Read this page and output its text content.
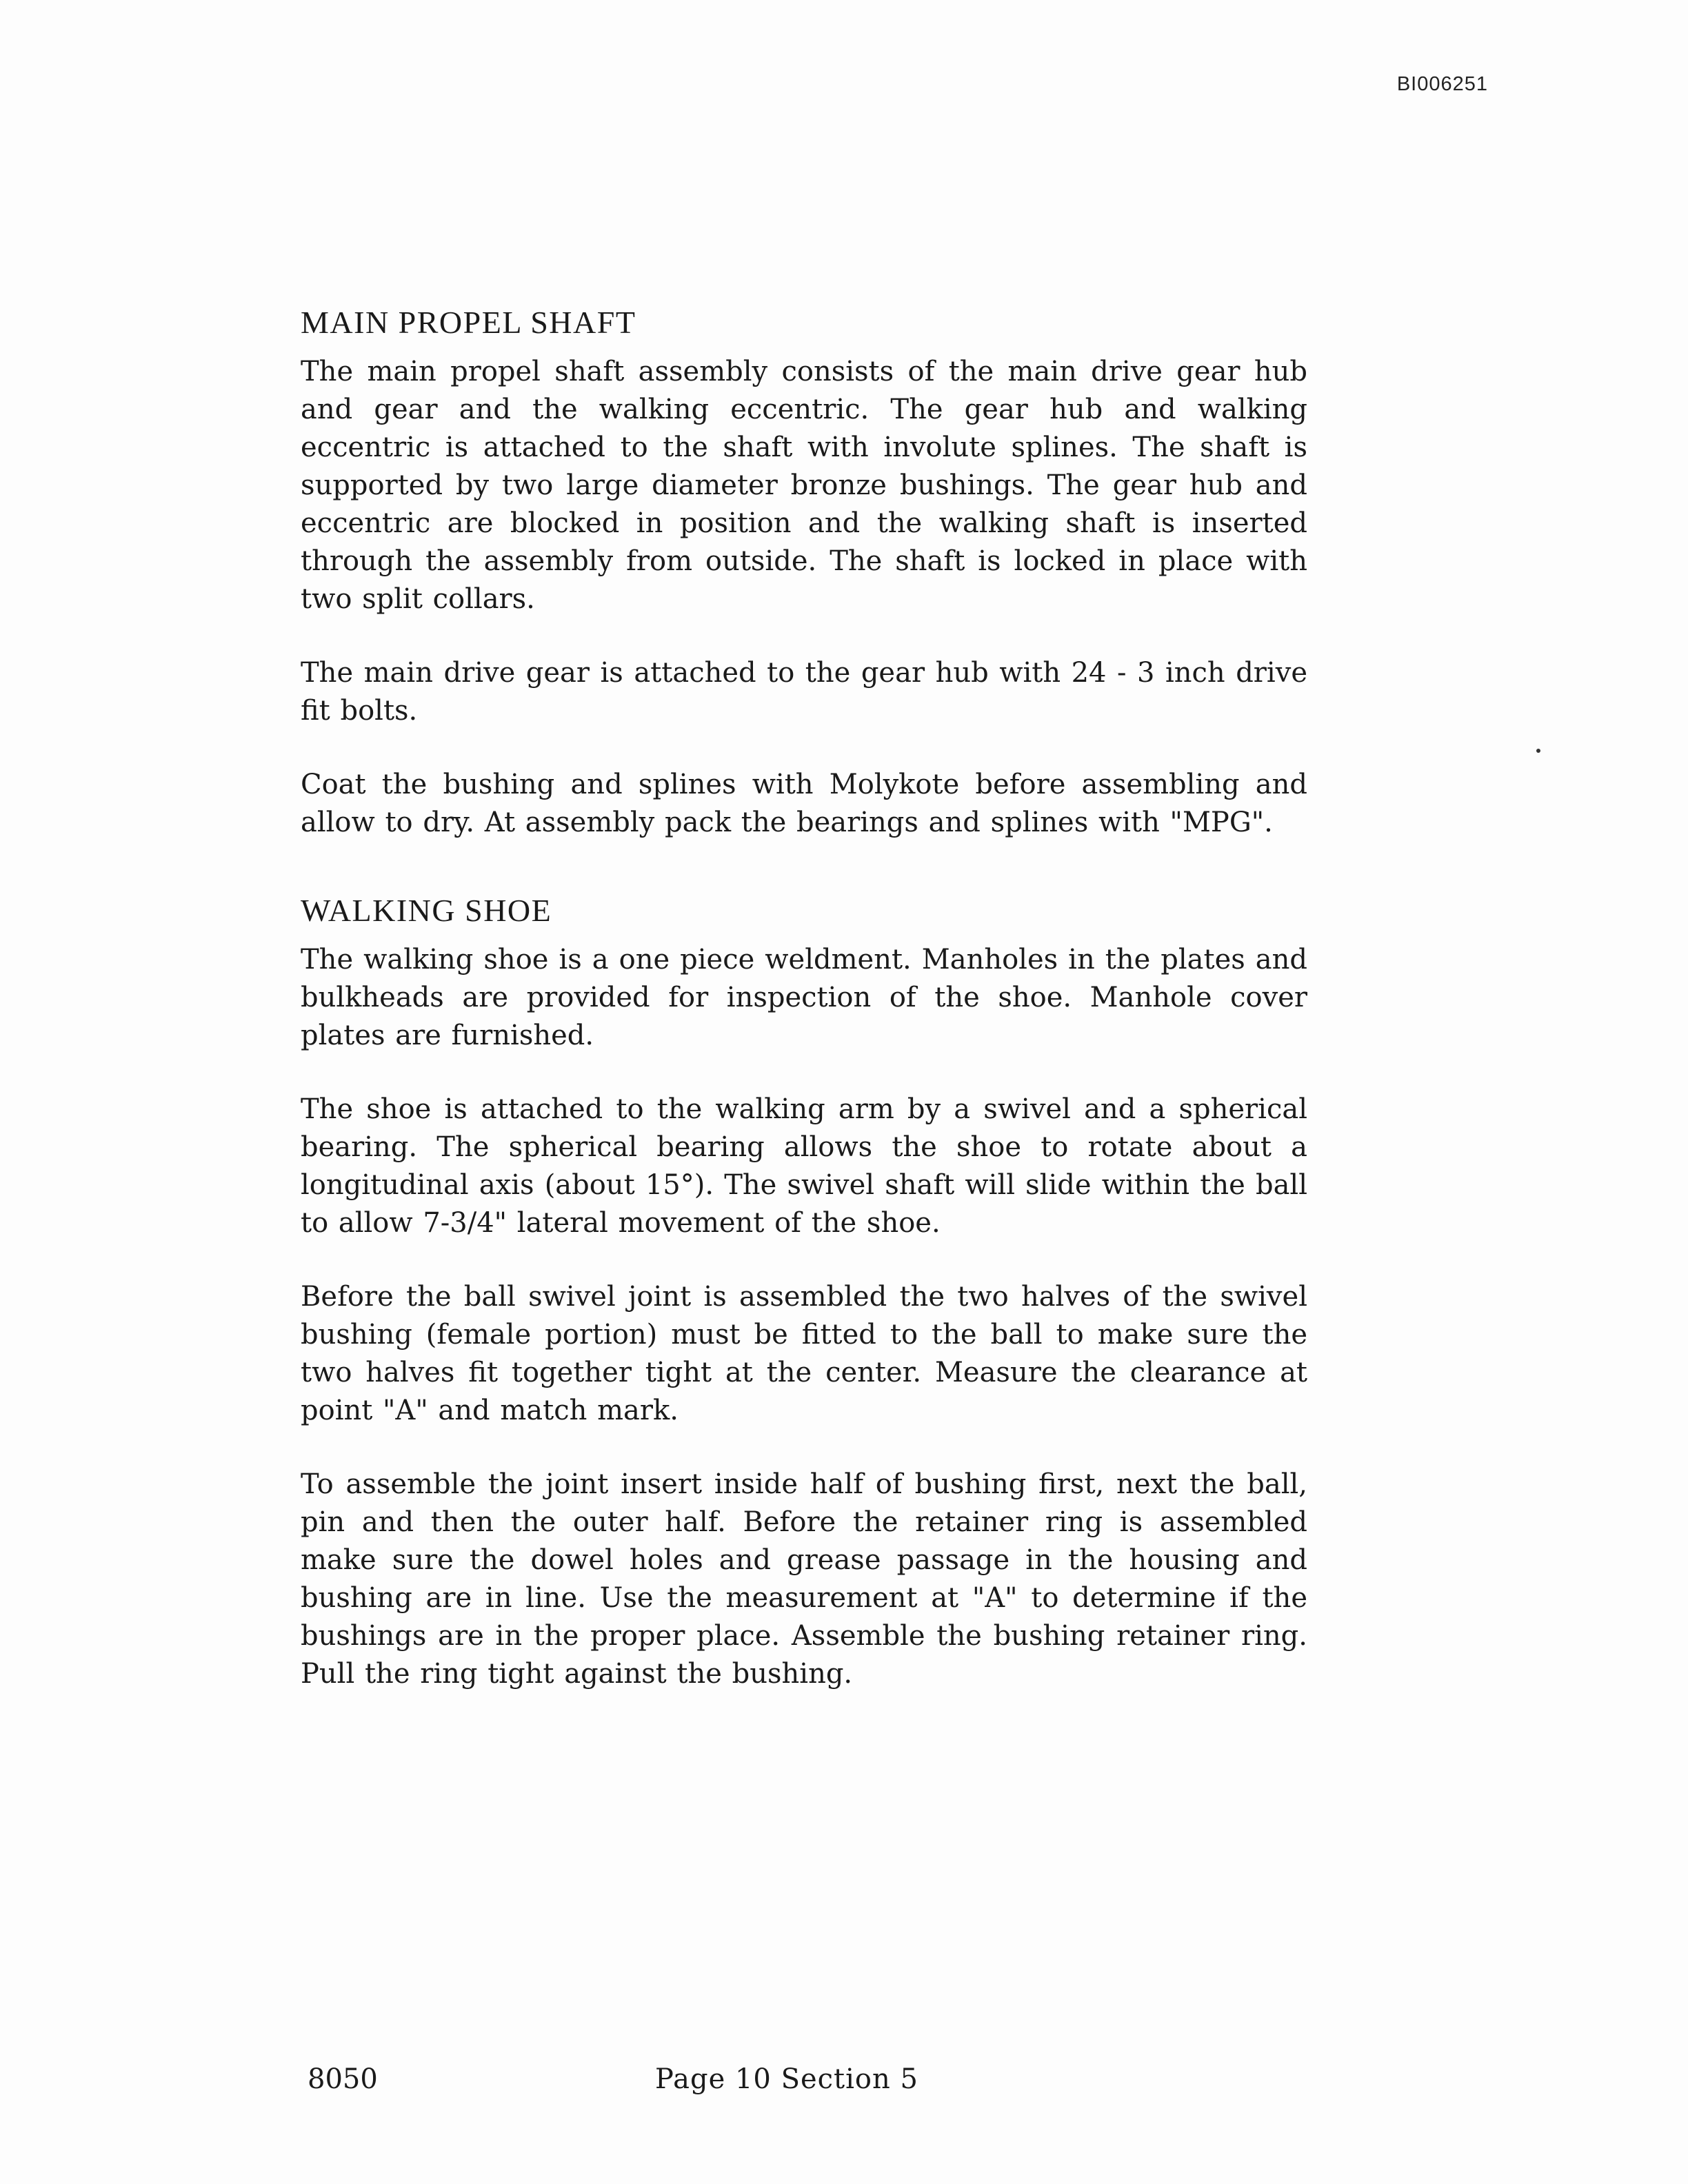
BI006251
MAIN PROPEL SHAFT

The main propel shaft assembly consists of the main drive gear hub and gear and the walking eccentric. The gear hub and walking eccentric is attached to the shaft with involute splines. The shaft is supported by two large diameter bronze bushings. The gear hub and eccentric are blocked in position and the walking shaft is inserted through the assembly from outside. The shaft is locked in place with two split collars.

The main drive gear is attached to the gear hub with 24 - 3 inch drive fit bolts.

Coat the bushing and splines with Molykote before assembling and allow to dry. At assembly pack the bearings and splines with "MPG".

WALKING SHOE

The walking shoe is a one piece weldment. Manholes in the plates and bulkheads are provided for inspection of the shoe. Manhole cover plates are furnished.

The shoe is attached to the walking arm by a swivel and a spherical bearing. The spherical bearing allows the shoe to rotate about a longitudinal axis (about 15°). The swivel shaft will slide within the ball to allow 7-3/4" lateral movement of the shoe.

Before the ball swivel joint is assembled the two halves of the swivel bushing (female portion) must be fitted to the ball to make sure the two halves fit together tight at the center. Measure the clearance at point "A" and match mark.

To assemble the joint insert inside half of bushing first, next the ball, pin and then the outer half. Before the retainer ring is assembled make sure the dowel holes and grease passage in the housing and bushing are in line. Use the measurement at "A" to determine if the bushings are in the proper place. Assemble the bushing retainer ring. Pull the ring tight against the bushing.

8050	Page 10 Section 5
